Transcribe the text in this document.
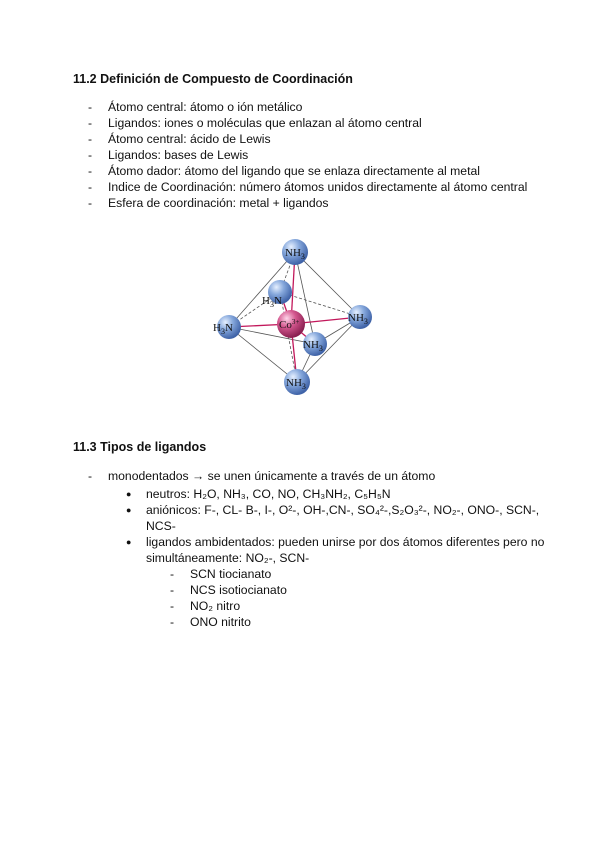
11.2 Definición de Compuesto de Coordinación
- Átomo central: átomo o ión metálico
- Ligandos: iones o moléculas que enlazan al átomo central
- Átomo central: ácido de Lewis
- Ligandos: bases de Lewis
- Átomo dador: átomo del ligando que se enlaza directamente al metal
- Indice de Coordinación: número átomos unidos directamente al átomo central
- Esfera de coordinación: metal + ligandos
$NH_3$
$H_3N$
$H_3N$
$NH_3$
$Co^{3+}$
$NH_3$
$NH_3$
11.3 Tipos de ligandos
- monodentados → se unen únicamente a través de un átomo
● neutros: H₂O, NH₃, CO, NO, CH₃NH₂, C₅H₅N
● aniónicos: F-, CL- B-, I-, O²-, OH-,CN-, SO₄²-,S₂O₃²-, NO₂-, ONO-, SCN-, NCS-
● ligandos ambidentados: pueden unirse por dos átomos diferentes pero no simultáneamente: NO₂-, SCN-
- SCN tiocianato
- NCS isotiocianato
- NO₂ nitro
- ONO nitrito
